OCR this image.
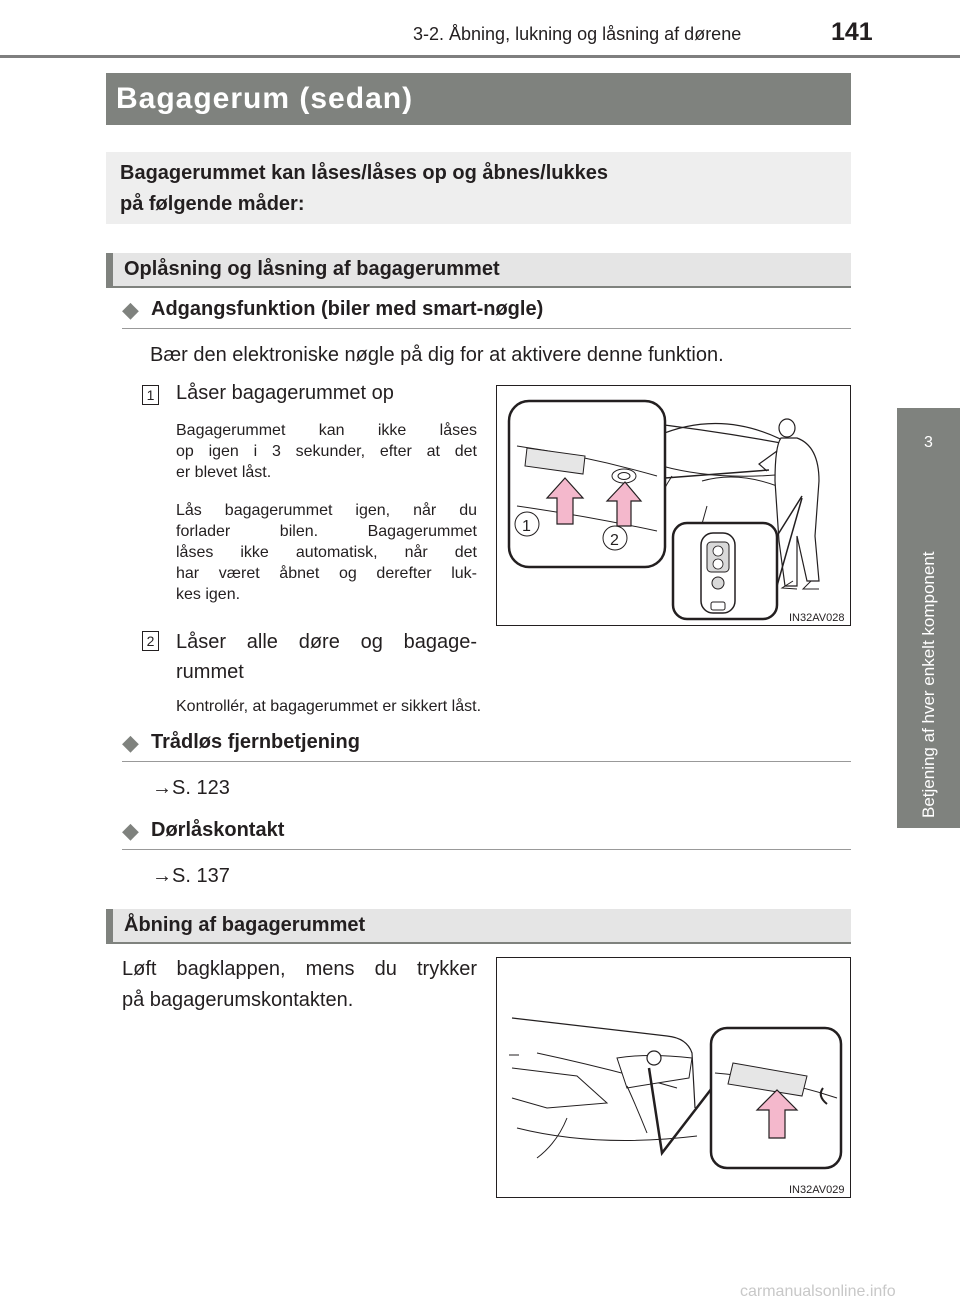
3-2. Åbning, lukning og låsning af dørene	141
3
Betjening af hver enkelt komponent
Bagagerum (sedan)
Bagagerummet kan låses/låses op og åbnes/lukkes
på følgende måder:
Oplåsning og låsning af bagagerummet
◆ Adgangsfunktion (biler med smart-nøgle)
Bær den elektroniske nøgle på dig for at aktivere denne funktion.
1 Låser bagagerummet op
Bagagerummet kan ikke låses
op igen i 3 sekunder, efter at det
er blevet låst.
Lås bagagerummet igen, når du
forlader bilen. Bagagerummet
låses ikke automatisk, når det
har været åbnet og derefter luk-
kes igen.
2 Låser alle døre og bagage-
rummet
Kontrollér, at bagagerummet er sikkert låst.
1
2
IN32AV028
◆ Trådløs fjernbetjening
→S. 123
◆ Dørlåskontakt
→S. 137
Åbning af bagagerummet
Løft bagklappen, mens du trykker
på bagagerumskontakten.
IN32AV029
carmanualsonline.info
